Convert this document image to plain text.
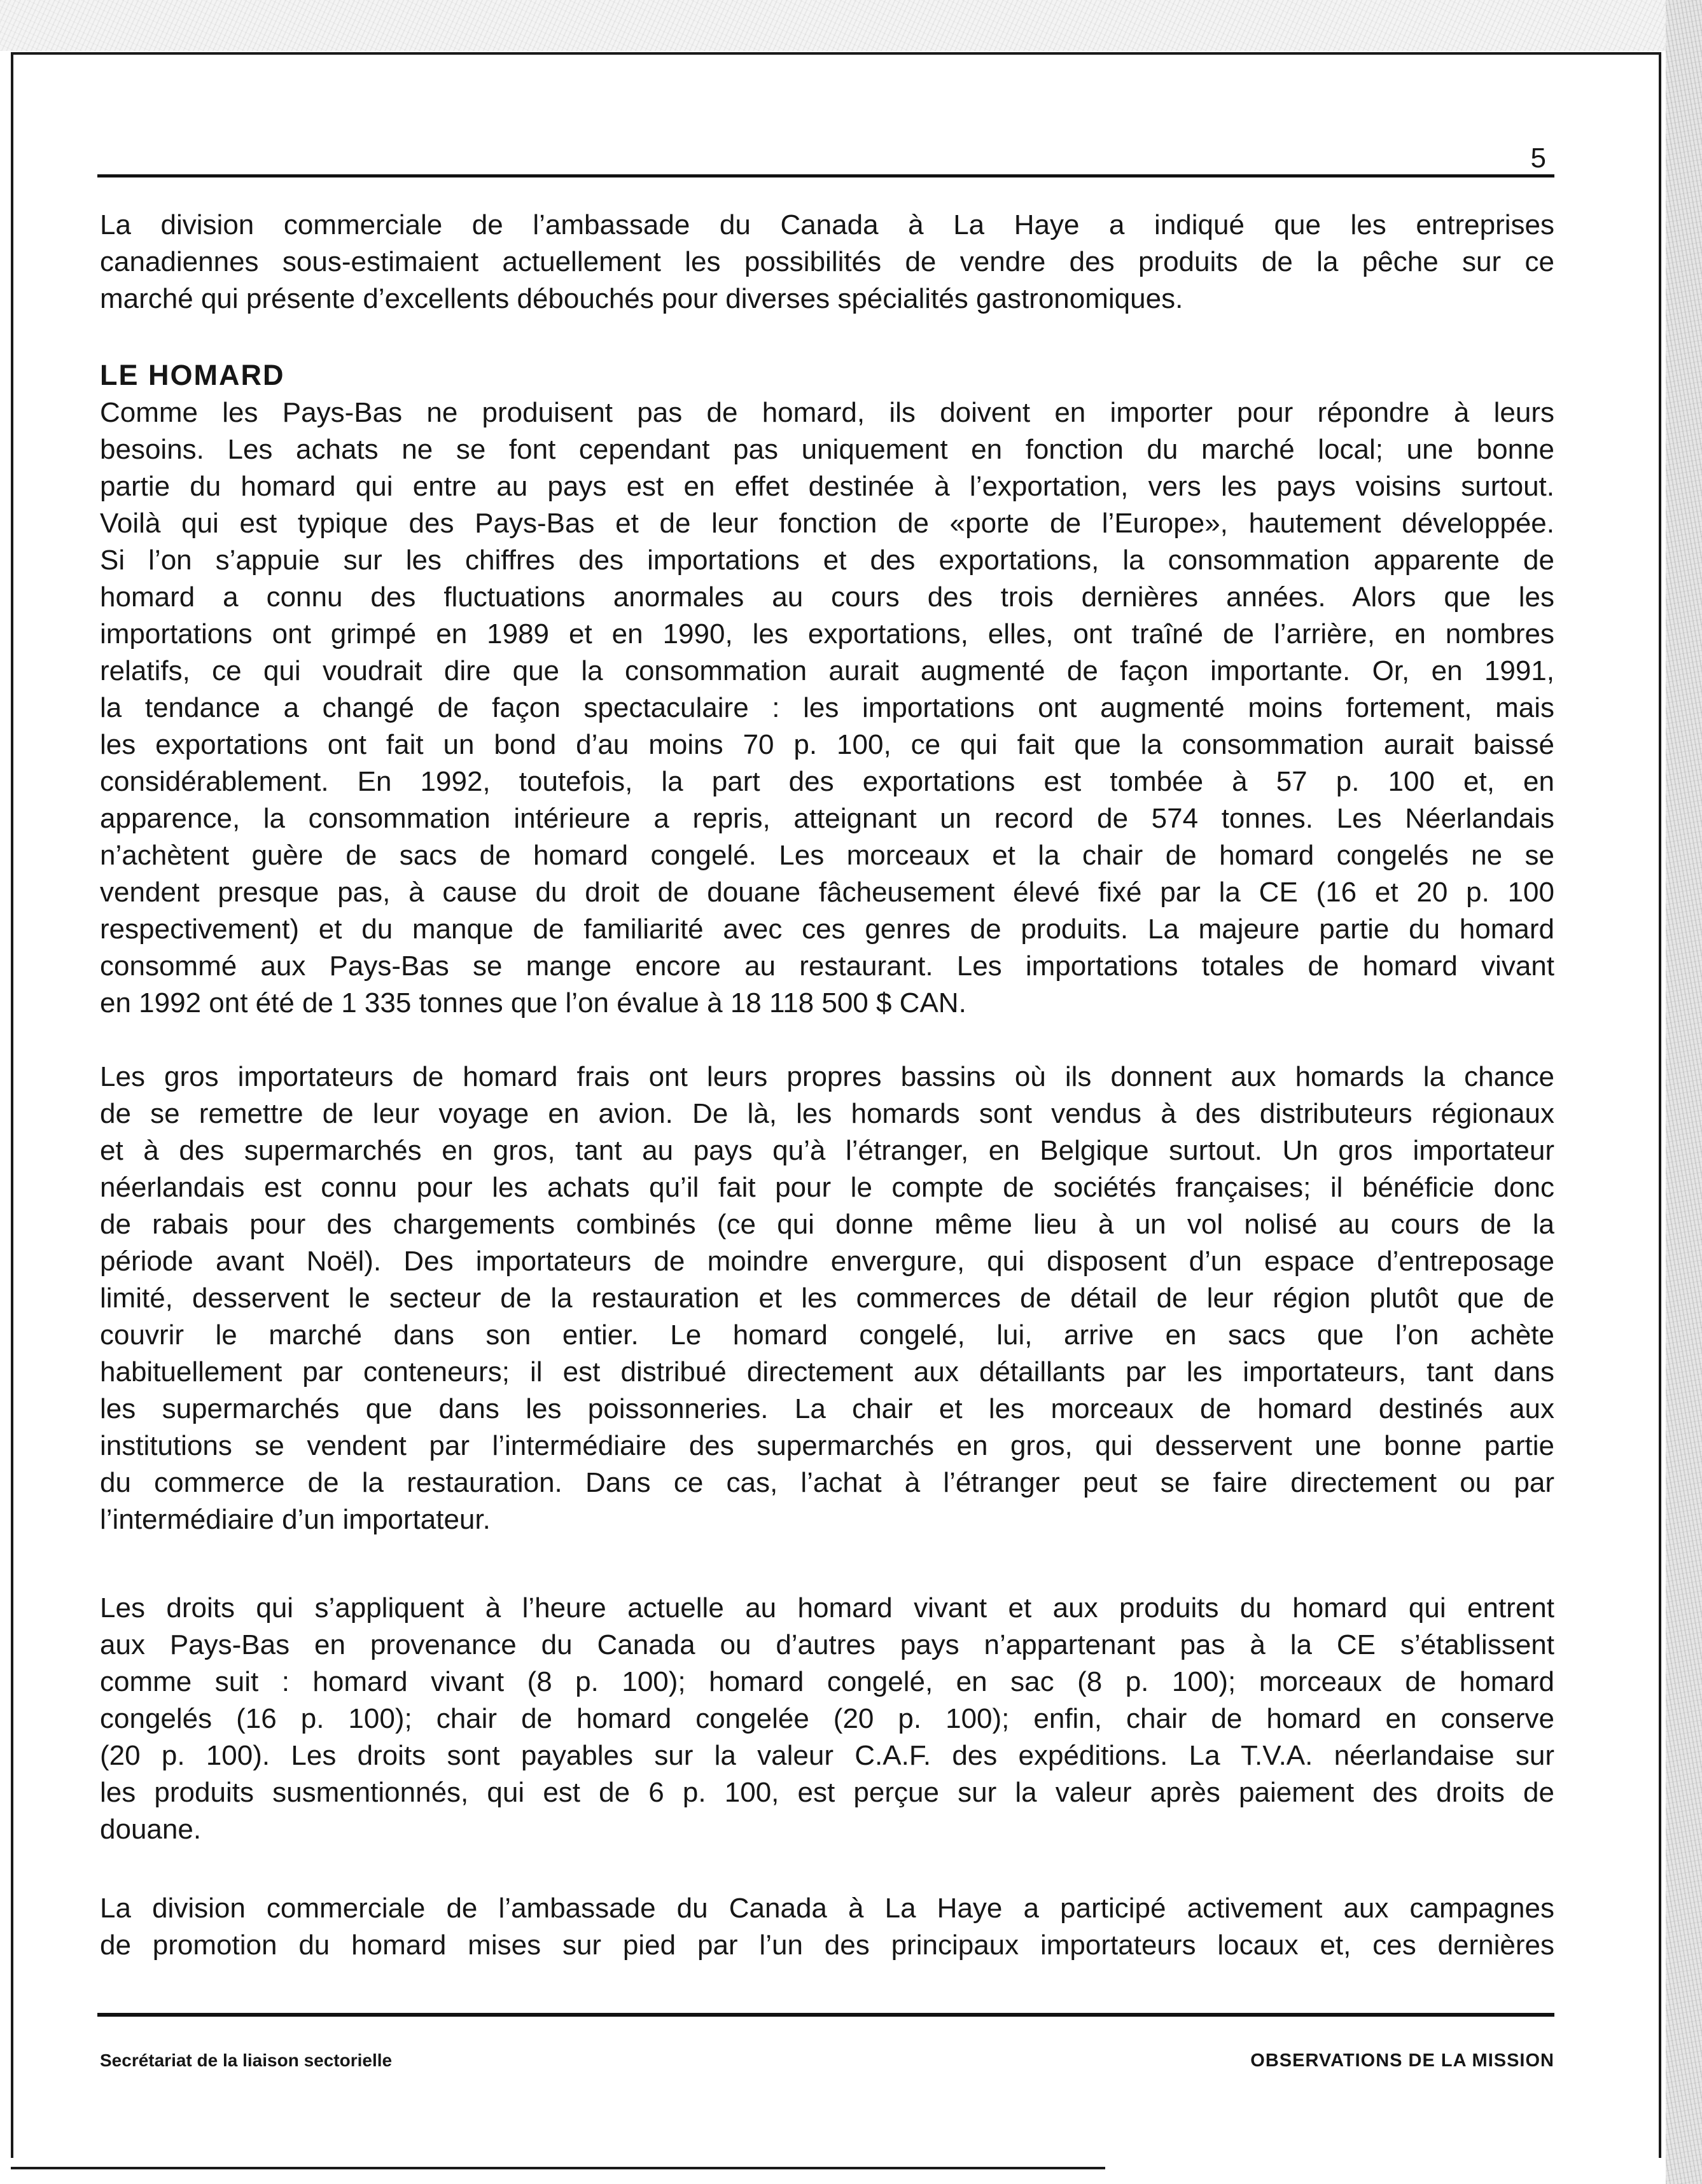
5
La division commerciale de l’ambassade du Canada à La Haye a indiqué que les entreprises
canadiennes sous-estimaient actuellement les possibilités de vendre des produits de la pêche sur ce
marché qui présente d’excellents débouchés pour diverses spécialités gastronomiques.
LE HOMARD
Comme les Pays-Bas ne produisent pas de homard, ils doivent en importer pour répondre à leurs
besoins. Les achats ne se font cependant pas uniquement en fonction du marché local; une bonne
partie du homard qui entre au pays est en effet destinée à l’exportation, vers les pays voisins surtout.
Voilà qui est typique des Pays-Bas et de leur fonction de «porte de l’Europe», hautement développée.
Si l’on s’appuie sur les chiffres des importations et des exportations, la consommation apparente de
homard a connu des fluctuations anormales au cours des trois dernières années. Alors que les
importations ont grimpé en 1989 et en 1990, les exportations, elles, ont traîné de l’arrière, en nombres
relatifs, ce qui voudrait dire que la consommation aurait augmenté de façon importante. Or, en 1991,
la tendance a changé de façon spectaculaire : les importations ont augmenté moins fortement, mais
les exportations ont fait un bond d’au moins 70 p. 100, ce qui fait que la consommation aurait baissé
considérablement. En 1992, toutefois, la part des exportations est tombée à 57 p. 100 et, en
apparence, la consommation intérieure a repris, atteignant un record de 574 tonnes. Les Néerlandais
n’achètent guère de sacs de homard congelé. Les morceaux et la chair de homard congelés ne se
vendent presque pas, à cause du droit de douane fâcheusement élevé fixé par la CE (16 et 20 p. 100
respectivement) et du manque de familiarité avec ces genres de produits. La majeure partie du homard
consommé aux Pays-Bas se mange encore au restaurant. Les importations totales de homard vivant
en 1992 ont été de 1 335 tonnes que l’on évalue à 18 118 500 $ CAN.
Les gros importateurs de homard frais ont leurs propres bassins où ils donnent aux homards la chance
de se remettre de leur voyage en avion. De là, les homards sont vendus à des distributeurs régionaux
et à des supermarchés en gros, tant au pays qu’à l’étranger, en Belgique surtout. Un gros importateur
néerlandais est connu pour les achats qu’il fait pour le compte de sociétés françaises; il bénéficie donc
de rabais pour des chargements combinés (ce qui donne même lieu à un vol nolisé au cours de la
période avant Noël). Des importateurs de moindre envergure, qui disposent d’un espace d’entreposage
limité, desservent le secteur de la restauration et les commerces de détail de leur région plutôt que de
couvrir le marché dans son entier. Le homard congelé, lui, arrive en sacs que l’on achète
habituellement par conteneurs; il est distribué directement aux détaillants par les importateurs, tant dans
les supermarchés que dans les poissonneries. La chair et les morceaux de homard destinés aux
institutions se vendent par l’intermédiaire des supermarchés en gros, qui desservent une bonne partie
du commerce de la restauration. Dans ce cas, l’achat à l’étranger peut se faire directement ou par
l’intermédiaire d’un importateur.
Les droits qui s’appliquent à l’heure actuelle au homard vivant et aux produits du homard qui entrent
aux Pays-Bas en provenance du Canada ou d’autres pays n’appartenant pas à la CE s’établissent
comme suit : homard vivant (8 p. 100); homard congelé, en sac (8 p. 100); morceaux de homard
congelés (16 p. 100); chair de homard congelée (20 p. 100); enfin, chair de homard en conserve
(20 p. 100). Les droits sont payables sur la valeur C.A.F. des expéditions. La T.V.A. néerlandaise sur
les produits susmentionnés, qui est de 6 p. 100, est perçue sur la valeur après paiement des droits de
douane.
La division commerciale de l’ambassade du Canada à La Haye a participé activement aux campagnes
de promotion du homard mises sur pied par l’un des principaux importateurs locaux et, ces dernières
Secrétariat de la liaison sectorielle	OBSERVATIONS DE LA MISSION
